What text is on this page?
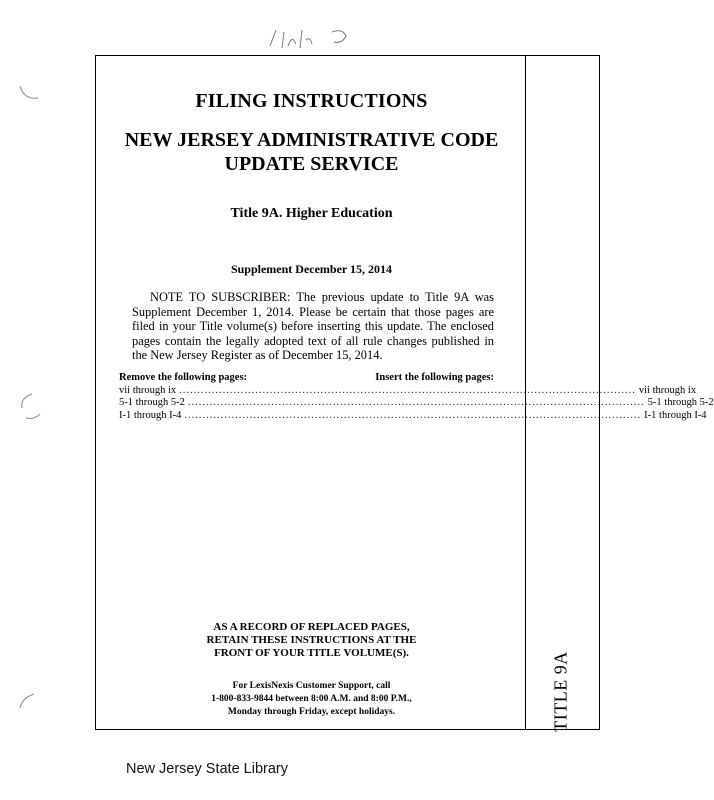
FILING INSTRUCTIONS
NEW JERSEY ADMINISTRATIVE CODE
UPDATE SERVICE
Title 9A. Higher Education
Supplement December 15, 2014
NOTE TO SUBSCRIBER: The previous update to Title 9A was Supplement December 1, 2014. Please be certain that those pages are filed in your Title volume(s) before inserting this update. The enclosed pages contain the legally adopted text of all rule changes published in the New Jersey Register as of December 15, 2014.
Remove the following pages:	Insert the following pages:
vii through ix .............................................................................................................................. vii through ix
5-1 through 5-2 .............................................................................................................................. 5-1 through 5-2
I-1 through I-4 .............................................................................................................................. I-1 through I-4
AS A RECORD OF REPLACED PAGES,
RETAIN THESE INSTRUCTIONS AT THE
FRONT OF YOUR TITLE VOLUME(S).
For LexisNexis Customer Support, call
1-800-833-9844 between 8:00 A.M. and 8:00 P.M.,
Monday through Friday, except holidays.	TITLE 9A
New Jersey State Library
